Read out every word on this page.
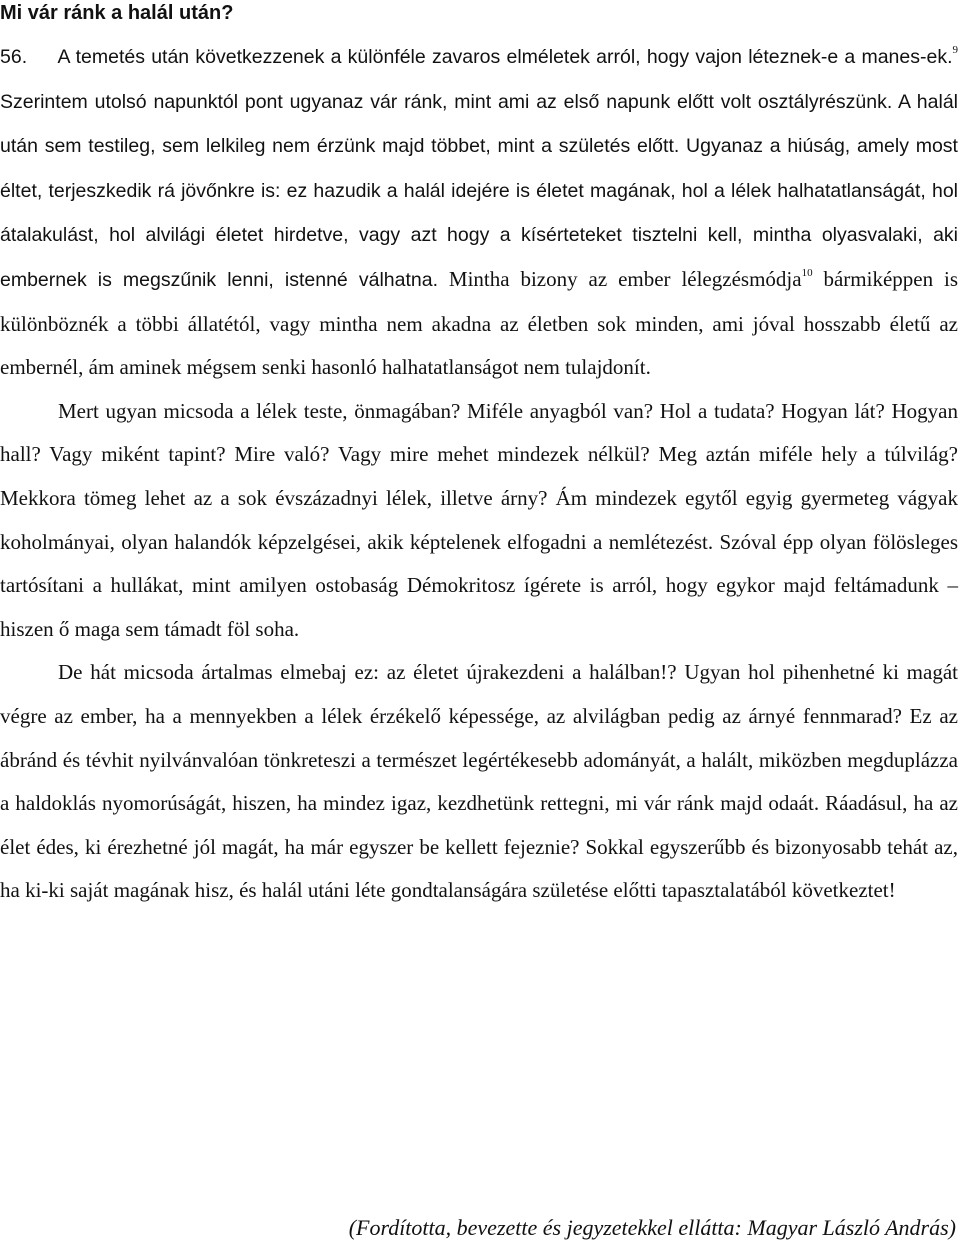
Mi vár ránk a halál után?

56. A temetés után következzenek a különféle zavaros elméletek arról, hogy vajon léteznek-e a manes-ek.$^9$ Szerintem utolsó napunktól pont ugyanaz vár ránk, mint ami az első napunk előtt volt osztályrészünk. A halál után sem testileg, sem lelkileg nem érzünk majd többet, mint a születés előtt. Ugyanaz a hiúság, amely most éltet, terjeszkedik rá jövőnkre is: ez hazudik a halál idejére is életet magának, hol a lélek halhatatlanságát, hol átalakulást, hol alvilági életet hirdetve, vagy azt hogy a kísérteteket tisztelni kell, mintha olyasvalaki, aki embernek is megszűnik lenni, istenné válhatna. Mintha bizony az ember lélegzésmódja$^{10}$ bármiképpen is különböznék a többi állatétól, vagy mintha nem akadna az életben sok minden, ami jóval hosszabb életű az embernél, ám aminek mégsem senki hasonló halhatatlanságot nem tulajdonít.

Mert ugyan micsoda a lélek teste, önmagában? Miféle anyagból van? Hol a tudata? Hogyan lát? Hogyan hall? Vagy miként tapint? Mire való? Vagy mire mehet mindezek nélkül? Meg aztán miféle hely a túlvilág? Mekkora tömeg lehet az a sok évszázadnyi lélek, illetve árny? Ám mindezek egytől egyig gyermeteg vágyak koholmányai, olyan halandók képzelgései, akik képtelenek elfogadni a nemlétezést. Szóval épp olyan fölösleges tartósítani a hullákat, mint amilyen ostobaság Démokritosz ígérete is arról, hogy egykor majd feltámadunk – hiszen ő maga sem támadt föl soha.

De hát micsoda ártalmas elmebaj ez: az életet újrakezdeni a halálban!? Ugyan hol pihenhetné ki magát végre az ember, ha a mennyekben a lélek érzékelő képessége, az alvilágban pedig az árnyé fennmarad? Ez az ábránd és tévhit nyilvánvalóan tönkreteszi a természet legértékesebb adományát, a halált, miközben megduplázza a haldoklás nyomorúságát, hiszen, ha mindez igaz, kezdhetünk rettegni, mi vár ránk majd odaát. Ráadásul, ha az élet édes, ki érezhetné jól magát, ha már egyszer be kellett fejeznie? Sokkal egyszerűbb és bizonyosabb tehát az, ha ki-ki saját magának hisz, és halál utáni léte gondtalanságára születése előtti tapasztalatából következtet!

(Fordította, bevezette és jegyzetekkel ellátta: Magyar László András)
